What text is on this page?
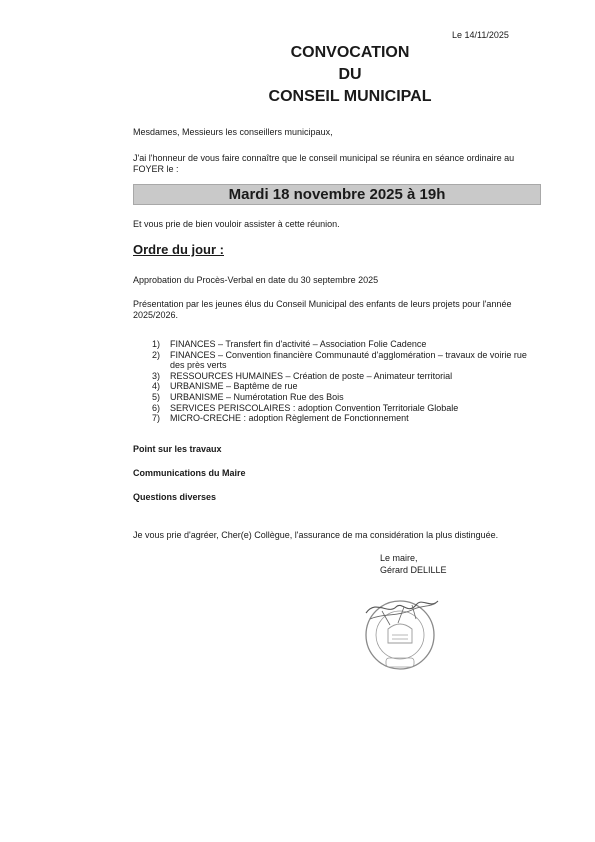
Le 14/11/2025
CONVOCATION
DU
CONSEIL MUNICIPAL
Mesdames, Messieurs les conseillers municipaux,
J'ai l'honneur de vous faire connaître que le conseil municipal se réunira en séance ordinaire au FOYER le :
Mardi 18 novembre 2025 à 19h
Et vous prie de bien vouloir assister à cette réunion.
Ordre du jour :
Approbation du Procès-Verbal en date du 30 septembre 2025
Présentation par les jeunes élus du Conseil Municipal des enfants de leurs projets pour l'année 2025/2026.
1)	FINANCES – Transfert fin d'activité – Association Folie Cadence
2)	FINANCES – Convention financière Communauté d'agglomération – travaux de voirie rue des près verts
3)	RESSOURCES HUMAINES – Création de poste – Animateur territorial
4)	URBANISME – Baptême de rue
5)	URBANISME – Numérotation Rue des Bois
6)	SERVICES PERISCOLAIRES : adoption Convention Territoriale Globale
7)	MICRO-CRECHE : adoption Règlement de Fonctionnement
Point sur les travaux
Communications du Maire
Questions diverses
Je vous prie d'agréer, Cher(e) Collègue, l'assurance de ma considération la plus distinguée.
Le maire,
Gérard DELILLE
